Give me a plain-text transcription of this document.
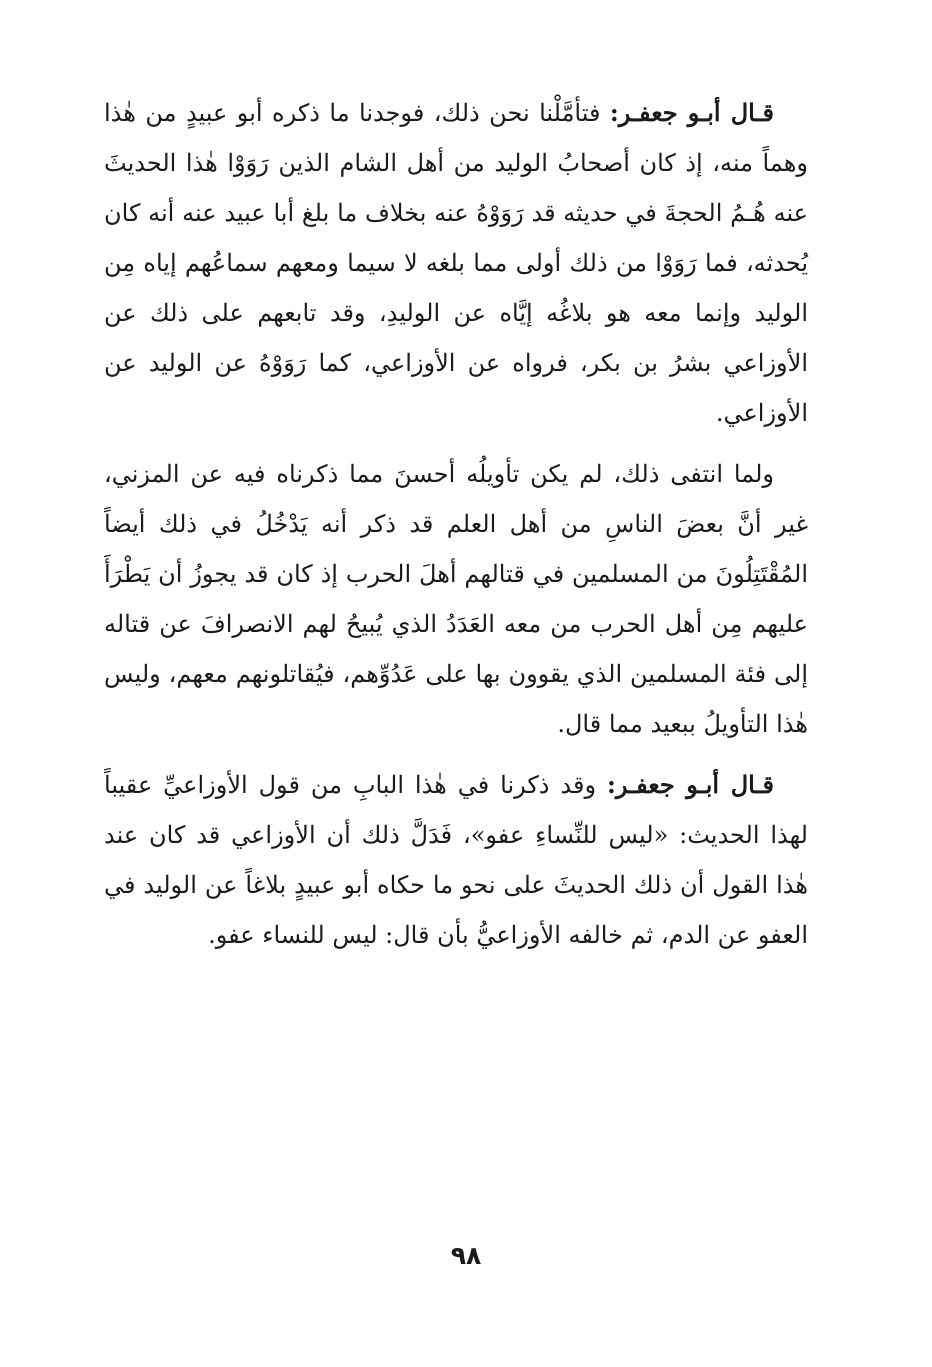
قـال أبـو جعفـر: فتأمَّلْنا نحن ذلك، فوجدنا ما ذكره أبو عبيدٍ من هٰذا وهماً منه، إذ كان أصحابُ الوليد من أهل الشام الذين رَوَوْا هٰذا الحديثَ عنه هُـمُ الحجةَ في حديثه قد رَوَوْهُ عنه بخلاف ما بلغ أبا عبيد عنه أنه كان يُحدثه، فما رَوَوْا من ذلك أولى مما بلغه لا سيما ومعهم سماعُهم إياه مِن الوليد وإنما معه هو بلاغُه إيَّاه عن الوليدِ، وقد تابعهم على ذلك عن الأوزاعي بشرُ بن بكر، فرواه عن الأوزاعي، كما رَوَوْهُ عن الوليد عن الأوزاعي.

ولما انتفى ذلك، لم يكن تأويلُه أحسنَ مما ذكرناه فيه عن المزني، غير أنَّ بعضَ الناسِ من أهل العلم قد ذكر أنه يَدْخُلُ في ذلك أيضاً المُقْتَتِلُونَ من المسلمين في قتالهم أهلَ الحرب إذ كان قد يجوزُ أن يَطْرَأَ عليهم مِن أهل الحرب من معه العَدَدُ الذي يُبيحُ لهم الانصرافَ عن قتاله إلى فئة المسلمين الذي يقوون بها على عَدُوِّهم، فيُقاتلونهم معهم، وليس هٰذا التأويلُ ببعيد مما قال.

قـال أبـو جعفـر: وقد ذكرنا في هٰذا البابِ من قول الأوزاعيِّ عقيباً لهذا الحديث: «ليس للنِّساءِ عفو»، فَدَلَّ ذلك أن الأوزاعي قد كان عند هٰذا القول أن ذلك الحديثَ على نحو ما حكاه أبو عبيدٍ بلاغاً عن الوليد في العفو عن الدم، ثم خالفه الأوزاعيُّ بأن قال: ليس للنساء عفو.

٩٨
